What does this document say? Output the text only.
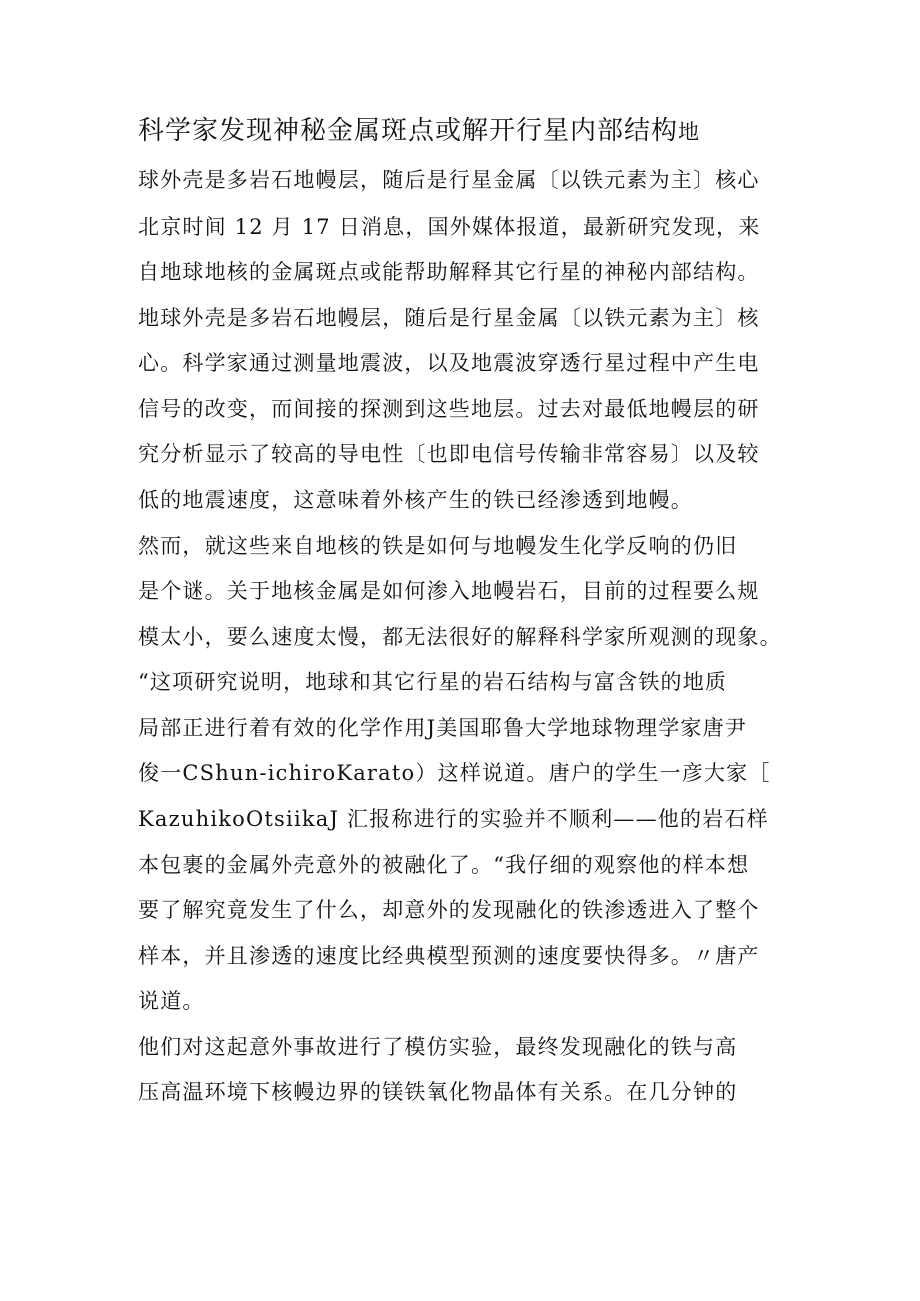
科学家发现神秘金属斑点或解开行星内部结构地
球外壳是多岩石地幔层，随后是行星金属〔以铁元素为主〕核心
北京时间 12 月 17 日消息，国外媒体报道，最新研究发现，来
自地球地核的金属斑点或能帮助解释其它行星的神秘内部结构。
地球外壳是多岩石地幔层，随后是行星金属〔以铁元素为主〕核
心。科学家通过测量地震波，以及地震波穿透行星过程中产生电
信号的改变，而间接的探测到这些地层。过去对最低地幔层的研
究分析显示了较高的导电性〔也即电信号传输非常容易〕以及较
低的地震速度，这意味着外核产生的铁已经渗透到地幔。
然而，就这些来自地核的铁是如何与地幔发生化学反响的仍旧
是个谜。关于地核金属是如何渗入地幔岩石，目前的过程要么规
模太小，要么速度太慢，都无法很好的解释科学家所观测的现象。
“这项研究说明，地球和其它行星的岩石结构与富含铁的地质
局部正进行着有效的化学作用J美国耶鲁大学地球物理学家唐尹
俊一CShun-ichiroKarato）这样说道。唐户的学生一彦大家［
KazuhikoOtsiikaJ 汇报称进行的实验并不顺利——他的岩石样
本包裹的金属外壳意外的被融化了。“我仔细的观察他的样本想
要了解究竟发生了什么，却意外的发现融化的铁渗透进入了整个
样本，并且渗透的速度比经典模型预测的速度要快得多。〃唐产
说道。
他们对这起意外事故进行了模仿实验，最终发现融化的铁与高
压高温环境下核幔边界的镁铁氧化物晶体有关系。在几分钟的
